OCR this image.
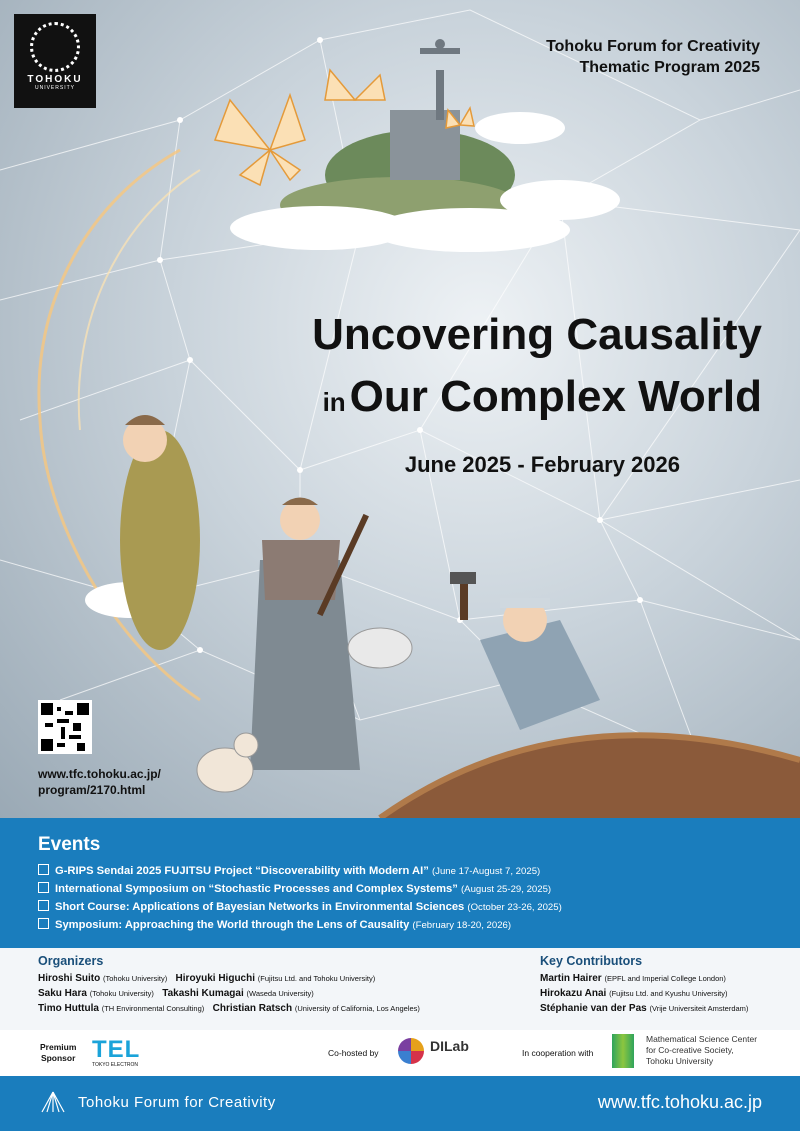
TOHOKU
UNIVERSITY
Tohoku Forum for Creativity
Thematic Program 2025
Uncovering Causality
inOur Complex World
June 2025 - February 2026
www.tfc.tohoku.ac.jp/
program/2170.html
Events
G-RIPS Sendai 2025 FUJITSU Project “Discoverability with Modern AI” (June 17-August 7, 2025)
International Symposium on “Stochastic Processes and Complex Systems” (August 25-29, 2025)
Short Course: Applications of Bayesian Networks in Environmental Sciences (October 23-26, 2025)
Symposium: Approaching the World through the Lens of Causality (February 18-20, 2026)
Organizers
Hiroshi Suito (Tohoku University) Hiroyuki Higuchi (Fujitsu Ltd. and Tohoku University)
Saku Hara (Tohoku University) Takashi Kumagai (Waseda University)
Timo Huttula (TH Environmental Consulting) Christian Ratsch (University of California, Los Angeles)
Key Contributors
Martin Hairer (EPFL and Imperial College London)
Hirokazu Anai (Fujitsu Ltd. and Kyushu University)
Stéphanie van der Pas (Vrije Universiteit Amsterdam)
Premium
Sponsor TEL
TOKYO ELECTRON
Co-hosted by	DILab	In cooperation with
Mathematical Science Center
for Co-creative Society,
Tohoku University
Tohoku Forum for Creativity	www.tfc.tohoku.ac.jp
